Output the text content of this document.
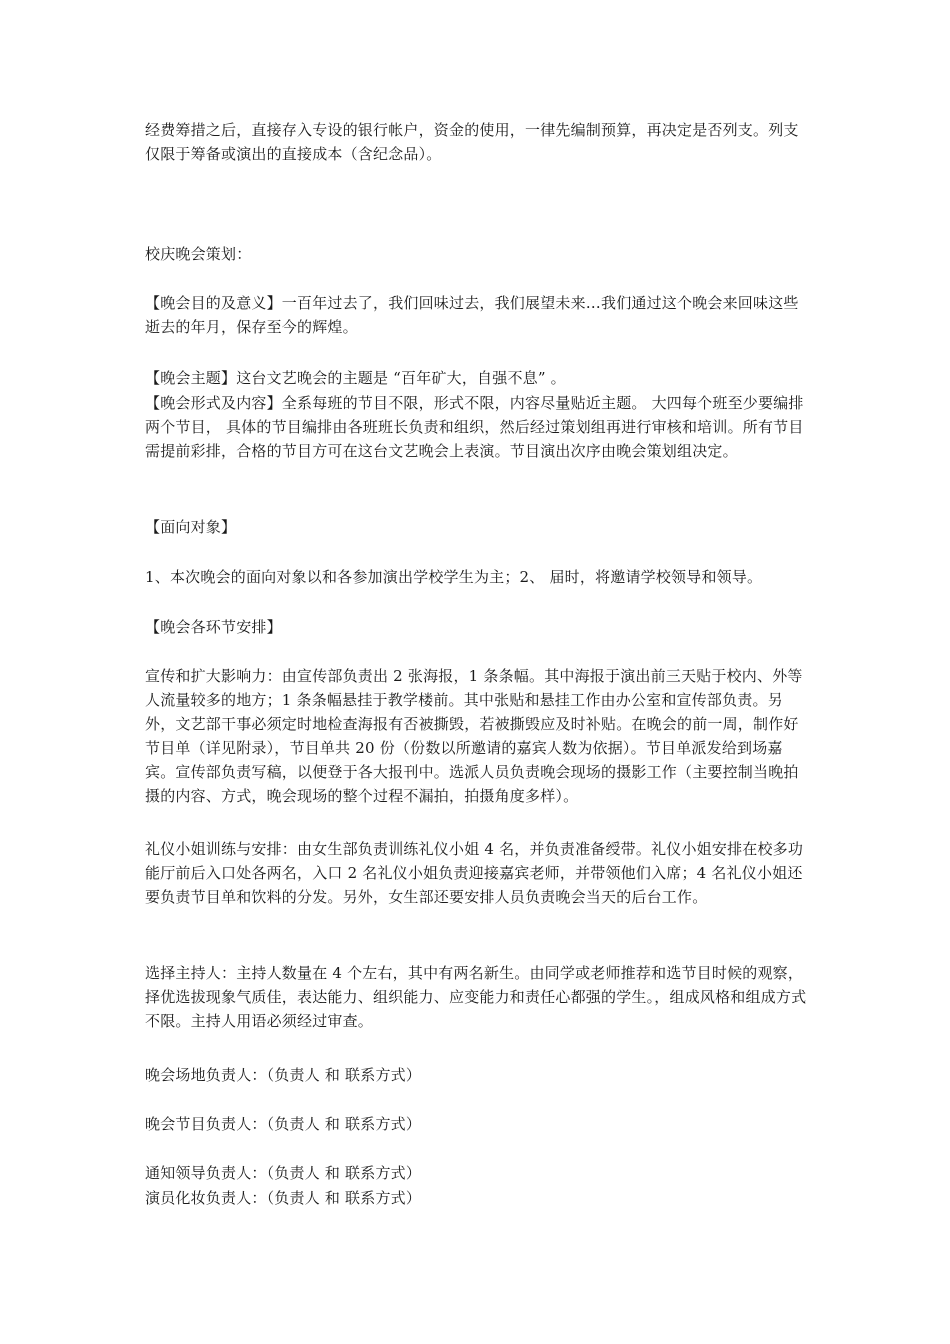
经费筹措之后，直接存入专设的银行帐户，资金的使用，一律先编制预算，再决定是否列支。列支仅限于筹备或演出的直接成本（含纪念品）。

校庆晚会策划：

【晚会目的及意义】一百年过去了，我们回味过去，我们展望未来…我们通过这个晚会来回味这些逝去的年月，保存至今的辉煌。

【晚会主题】这台文艺晚会的主题是 “百年矿大，自强不息” 。

【晚会形式及内容】全系每班的节目不限，形式不限，内容尽量贴近主题。 大四每个班至少要编排两个节目， 具体的节目编排由各班班长负责和组织，然后经过策划组再进行审核和培训。所有节目需提前彩排，合格的节目方可在这台文艺晚会上表演。节目演出次序由晚会策划组决定。

【面向对象】

1、本次晚会的面向对象以和各参加演出学校学生为主；2、 届时，将邀请学校领导和领导。

【晚会各环节安排】

宣传和扩大影响力：由宣传部负责出 2 张海报，1 条条幅。其中海报于演出前三天贴于校内、外等人流量较多的地方；1 条条幅悬挂于教学楼前。其中张贴和悬挂工作由办公室和宣传部负责。另外，文艺部干事必须定时地检查海报有否被撕毁，若被撕毁应及时补贴。在晚会的前一周，制作好节目单（详见附录），节目单共 20 份（份数以所邀请的嘉宾人数为依据）。节目单派发给到场嘉宾。宣传部负责写稿，以便登于各大报刊中。选派人员负责晚会现场的摄影工作（主要控制当晚拍摄的内容、方式，晚会现场的整个过程不漏拍，拍摄角度多样）。

礼仪小姐训练与安排：由女生部负责训练礼仪小姐 4 名，并负责准备绶带。礼仪小姐安排在校多功能厅前后入口处各两名，入口 2 名礼仪小姐负责迎接嘉宾老师，并带领他们入席；4 名礼仪小姐还要负责节目单和饮料的分发。另外，女生部还要安排人员负责晚会当天的后台工作。

选择主持人：主持人数量在 4 个左右，其中有两名新生。由同学或老师推荐和选节目时候的观察，择优选拔现象气质佳，表达能力、组织能力、应变能力和责任心都强的学生。，组成风格和组成方式不限。主持人用语必须经过审查。

晚会场地负责人：（负责人 和 联系方式）

晚会节目负责人：（负责人 和 联系方式）

通知领导负责人：（负责人 和 联系方式）

演员化妆负责人：（负责人 和 联系方式）
